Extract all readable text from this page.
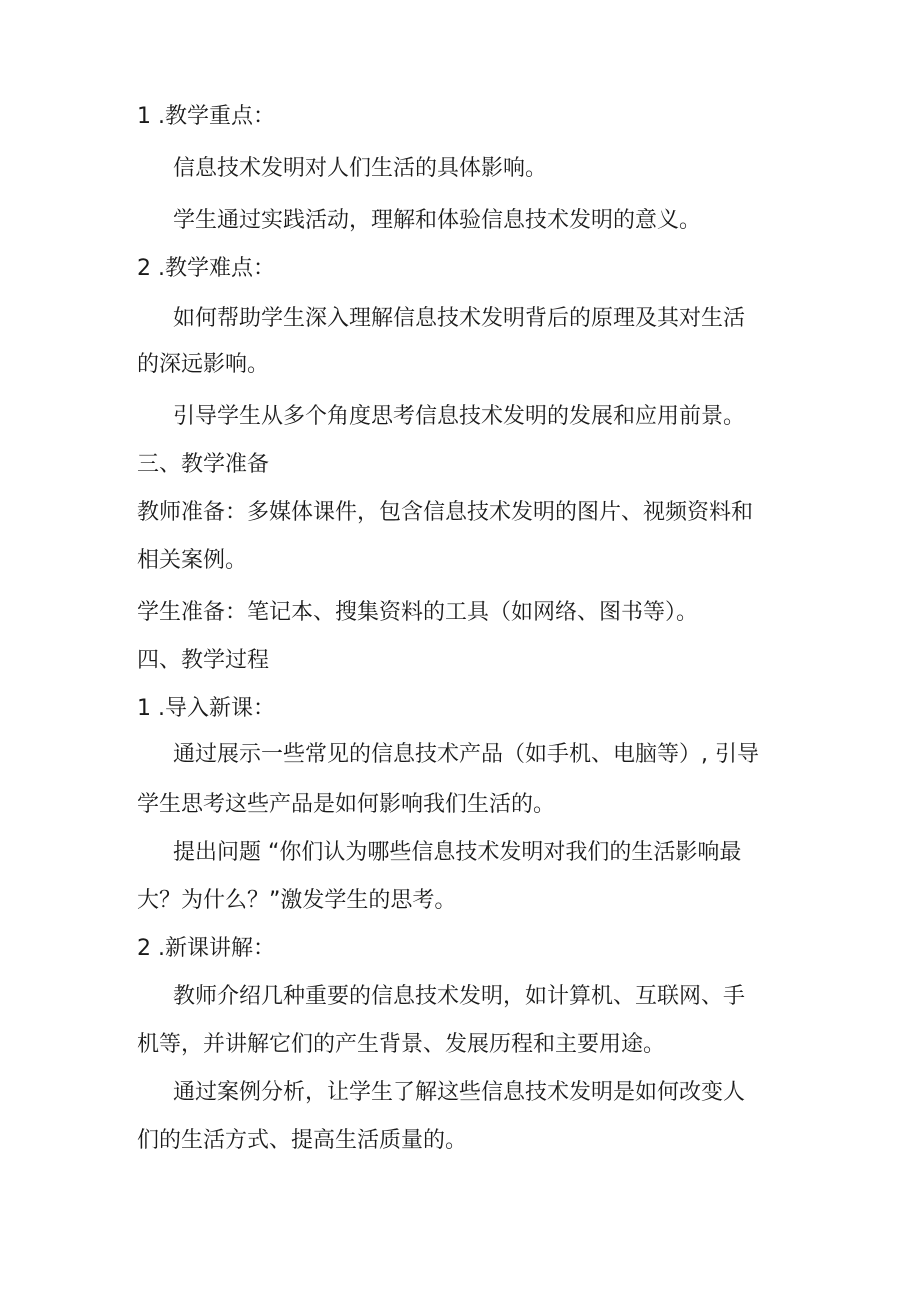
1 .教学重点：

信息技术发明对人们生活的具体影响。

学生通过实践活动，理解和体验信息技术发明的意义。

2 .教学难点：

如何帮助学生深入理解信息技术发明背后的原理及其对生活

的深远影响。

引导学生从多个角度思考信息技术发明的发展和应用前景。

三、教学准备

教师准备：多媒体课件，包含信息技术发明的图片、视频资料和

相关案例。

学生准备：笔记本、搜集资料的工具（如网络、图书等）。

四、教学过程

1 .导入新课：

通过展示一些常见的信息技术产品（如手机、电脑等）, 引导

学生思考这些产品是如何影响我们生活的。

提出问题 “你们认为哪些信息技术发明对我们的生活影响最

大？为什么？”激发学生的思考。

2 .新课讲解：

教师介绍几种重要的信息技术发明，如计算机、互联网、手

机等，并讲解它们的产生背景、发展历程和主要用途。

通过案例分析，让学生了解这些信息技术发明是如何改变人

们的生活方式、提高生活质量的。
